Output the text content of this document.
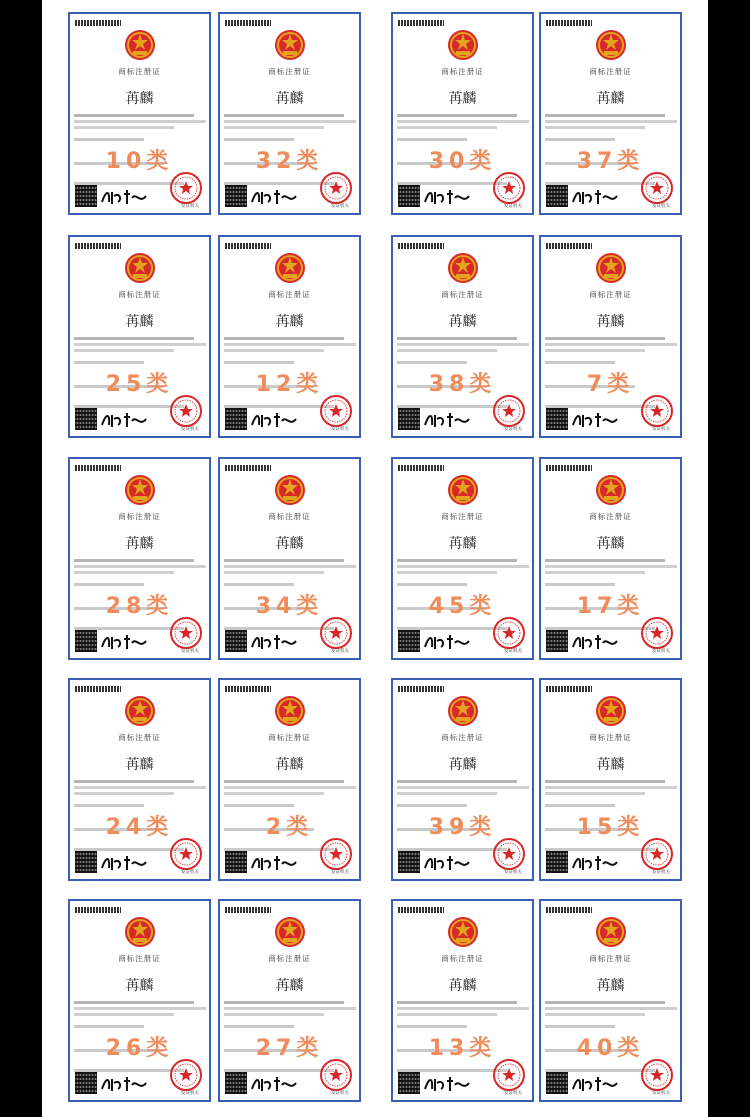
商标注册证
苒麟
10类
发证机关
商标注册证
苒麟
32类
发证机关
商标注册证
苒麟
30类
发证机关
商标注册证
苒麟
37类
发证机关
商标注册证
苒麟
25类
发证机关
商标注册证
苒麟
12类
发证机关
商标注册证
苒麟
38类
发证机关
商标注册证
苒麟
7类
发证机关
商标注册证
苒麟
28类
发证机关
商标注册证
苒麟
34类
发证机关
商标注册证
苒麟
45类
发证机关
商标注册证
苒麟
17类
发证机关
商标注册证
苒麟
24类
发证机关
商标注册证
苒麟
2类
发证机关
商标注册证
苒麟
39类
发证机关
商标注册证
苒麟
15类
发证机关
商标注册证
苒麟
26类
发证机关
商标注册证
苒麟
27类
发证机关
商标注册证
苒麟
13类
发证机关
商标注册证
苒麟
40类
发证机关
